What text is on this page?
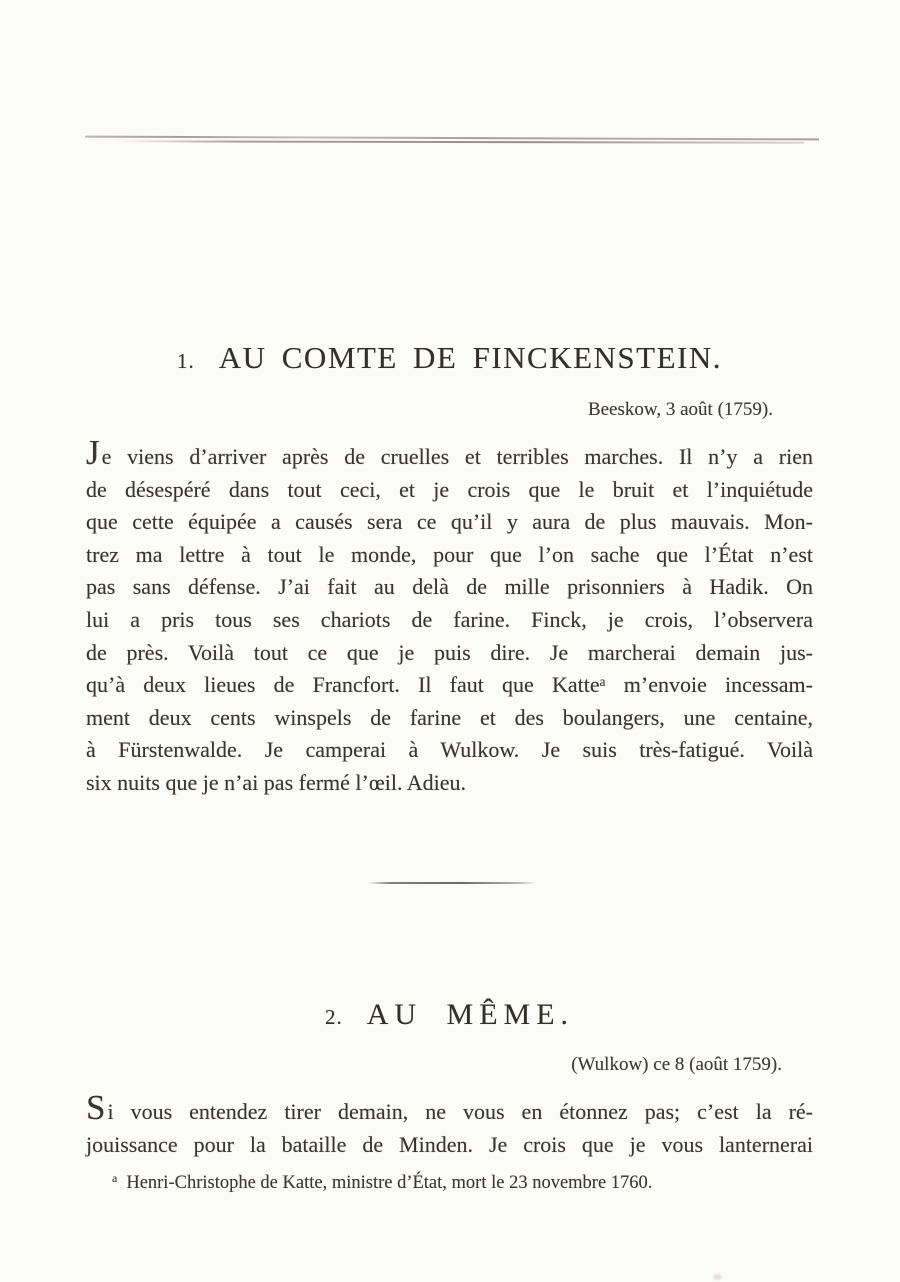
1. AU COMTE DE FINCKENSTEIN.
Beeskow, 3 août (1759).
Je viens d’arriver après de cruelles et terribles marches. Il n’y a rien
de désespéré dans tout ceci, et je crois que le bruit et l’inquiétude
que cette équipée a causés sera ce qu’il y aura de plus mauvais. Mon-
trez ma lettre à tout le monde, pour que l’on sache que l’État n’est
pas sans défense. J’ai fait au delà de mille prisonniers à Hadik. On
lui a pris tous ses chariots de farine. Finck, je crois, l’observera
de près. Voilà tout ce que je puis dire. Je marcherai demain jus-
qu’à deux lieues de Francfort. Il faut que Katteᵃ m’envoie incessam-
ment deux cents winspels de farine et des boulangers, une centaine,
à Fürstenwalde. Je camperai à Wulkow. Je suis très-fatigué. Voilà
six nuits que je n’ai pas fermé l’œil. Adieu.
2. AU MÊME.
(Wulkow) ce 8 (août 1759).
Si vous entendez tirer demain, ne vous en étonnez pas; c’est la ré-
jouissance pour la bataille de Minden. Je crois que je vous lanternerai
$^a$ Henri-Christophe de Katte, ministre d’État, mort le 23 novembre 1760.
